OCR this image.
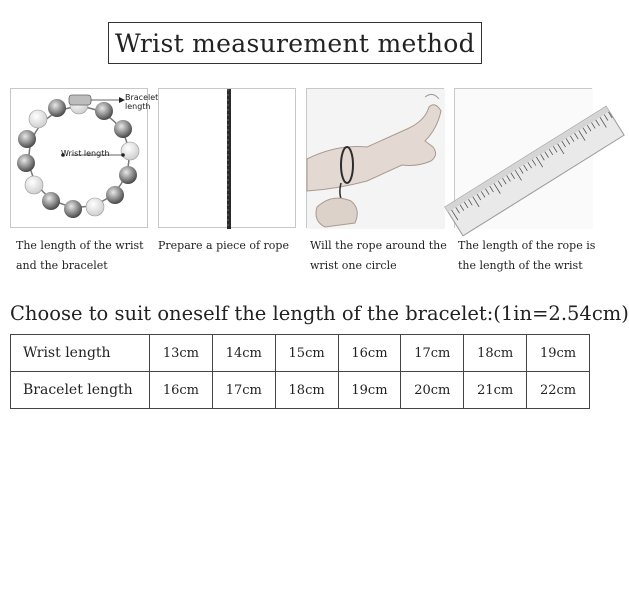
Wrist measurement method
Bracelet
length
Wrist length
The length of the wrist
and the bracelet
Prepare a piece of rope	Will the rope around the
wrist one circle
The length of the rope is
the length of the wrist
Choose to suit oneself the length of the bracelet:(1in=2.54cm)
Wrist length	13cm	14cm	15cm	16cm	17cm	18cm	19cm
Bracelet length	16cm	17cm	18cm	19cm	20cm	21cm	22cm
